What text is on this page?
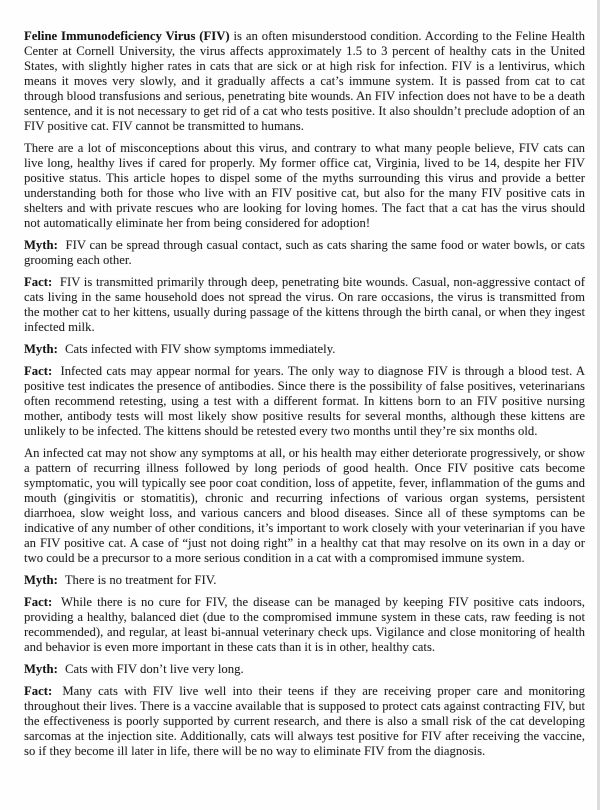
Feline Immunodeficiency Virus (FIV) is an often misunderstood condition. According to the Feline Health Center at Cornell University, the virus affects approximately 1.5 to 3 percent of healthy cats in the United States, with slightly higher rates in cats that are sick or at high risk for infection. FIV is a lentivirus, which means it moves very slowly, and it gradually affects a cat’s immune system. It is passed from cat to cat through blood transfusions and serious, penetrating bite wounds. An FIV infection does not have to be a death sentence, and it is not necessary to get rid of a cat who tests positive. It also shouldn’t preclude adoption of an FIV positive cat. FIV cannot be transmitted to humans.

There are a lot of misconceptions about this virus, and contrary to what many people believe, FIV cats can live long, healthy lives if cared for properly. My former office cat, Virginia, lived to be 14, despite her FIV positive status. This article hopes to dispel some of the myths surrounding this virus and provide a better understanding both for those who live with an FIV positive cat, but also for the many FIV positive cats in shelters and with private rescues who are looking for loving homes. The fact that a cat has the virus should not automatically eliminate her from being considered for adoption!

Myth: FIV can be spread through casual contact, such as cats sharing the same food or water bowls, or cats grooming each other.

Fact: FIV is transmitted primarily through deep, penetrating bite wounds. Casual, non-aggressive contact of cats living in the same household does not spread the virus. On rare occasions, the virus is transmitted from the mother cat to her kittens, usually during passage of the kittens through the birth canal, or when they ingest infected milk.

Myth: Cats infected with FIV show symptoms immediately.

Fact: Infected cats may appear normal for years. The only way to diagnose FIV is through a blood test. A positive test indicates the presence of antibodies. Since there is the possibility of false positives, veterinarians often recommend retesting, using a test with a different format. In kittens born to an FIV positive nursing mother, antibody tests will most likely show positive results for several months, although these kittens are unlikely to be infected. The kittens should be retested every two months until they’re six months old.

An infected cat may not show any symptoms at all, or his health may either deteriorate progressively, or show a pattern of recurring illness followed by long periods of good health. Once FIV positive cats become symptomatic, you will typically see poor coat condition, loss of appetite, fever, inflammation of the gums and mouth (gingivitis or stomatitis), chronic and recurring infections of various organ systems, persistent diarrhoea, slow weight loss, and various cancers and blood diseases. Since all of these symptoms can be indicative of any number of other conditions, it’s important to work closely with your veterinarian if you have an FIV positive cat. A case of “just not doing right” in a healthy cat that may resolve on its own in a day or two could be a precursor to a more serious condition in a cat with a compromised immune system.

Myth: There is no treatment for FIV.

Fact: While there is no cure for FIV, the disease can be managed by keeping FIV positive cats indoors, providing a healthy, balanced diet (due to the compromised immune system in these cats, raw feeding is not recommended), and regular, at least bi-annual veterinary check ups. Vigilance and close monitoring of health and behavior is even more important in these cats than it is in other, healthy cats.

Myth: Cats with FIV don’t live very long.

Fact: Many cats with FIV live well into their teens if they are receiving proper care and monitoring throughout their lives. There is a vaccine available that is supposed to protect cats against contracting FIV, but the effectiveness is poorly supported by current research, and there is also a small risk of the cat developing sarcomas at the injection site. Additionally, cats will always test positive for FIV after receiving the vaccine, so if they become ill later in life, there will be no way to eliminate FIV from the diagnosis.
